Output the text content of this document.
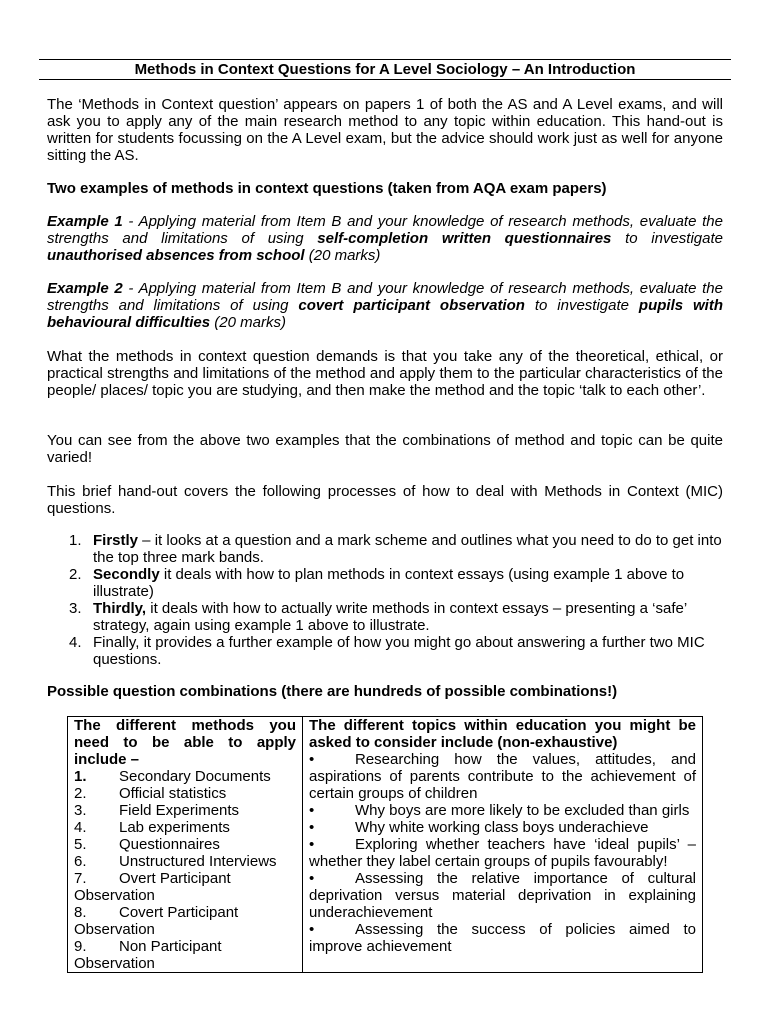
Methods in Context Questions for A Level Sociology – An Introduction

The ‘Methods in Context question’ appears on papers 1 of both the AS and A Level exams, and will ask you to apply any of the main research method to any topic within education. This hand-out is written for students focussing on the A Level exam, but the advice should work just as well for anyone sitting the AS.

Two examples of methods in context questions (taken from AQA exam papers)
Example 1 - Applying material from Item B and your knowledge of research methods, evaluate the strengths and limitations of using self-completion written questionnaires to investigate unauthorised absences from school (20 marks)
Example 2 - Applying material from Item B and your knowledge of research methods, evaluate the strengths and limitations of using covert participant observation to investigate pupils with behavioural difficulties (20 marks)
What the methods in context question demands is that you take any of the theoretical, ethical, or practical strengths and limitations of the method and apply them to the particular characteristics of the people/ places/ topic you are studying, and then make the method and the topic ‘talk to each other’.
You can see from the above two examples that the combinations of method and topic can be quite varied!
This brief hand-out covers the following processes of how to deal with Methods in Context (MIC) questions.
1. Firstly – it looks at a question and a mark scheme and outlines what you need to do to get into the top three mark bands.
2. Secondly it deals with how to plan methods in context essays (using example 1 above to illustrate)
3. Thirdly, it deals with how to actually write methods in context essays – presenting a ‘safe’ strategy, again using example 1 above to illustrate.
4. Finally, it provides a further example of how you might go about answering a further two MIC questions.
Possible question combinations (there are hundreds of possible combinations!)
The different methods you need to be able to apply include –
1. Secondary Documents
2. Official statistics
3. Field Experiments
4. Lab experiments
5. Questionnaires
6. Unstructured Interviews
7. Overt Participant Observation
8. Covert Participant Observation
9. Non Participant Observation

The different topics within education you might be asked to consider include (non-exhaustive)
•	Researching how the values, attitudes, and aspirations of parents contribute to the achievement of certain groups of children
•	Why boys are more likely to be excluded than girls
•	Why white working class boys underachieve
•	Exploring whether teachers have ‘ideal pupils’ – whether they label certain groups of pupils favourably!
•	Assessing the relative importance of cultural deprivation versus material deprivation in explaining underachievement
•	Assessing the success of policies aimed to improve achievement
